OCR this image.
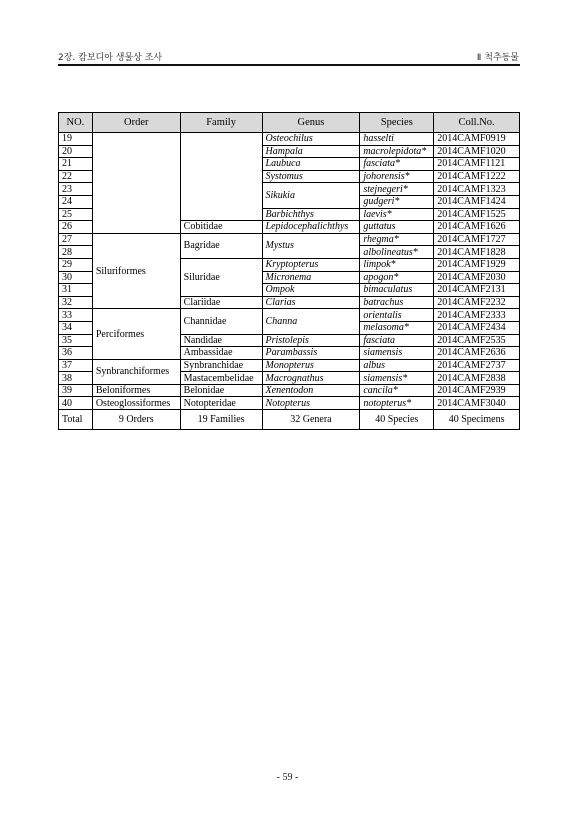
2장. 캄보디아 생물상 조사	Ⅱ 척추동물
NO.	Order	Family	Genus	Species	Coll.No.
19			Osteochilus	hasselti	2014CAMF0919
20			Hampala	macrolepidota*	2014CAMF1020
21			Laubuca	fasciata*	2014CAMF1121
22			Systomus	johorensis*	2014CAMF1222
23			Sikukia	stejnegeri*	2014CAMF1323
24				gudgeri*	2014CAMF1424
25			Barbichthys	laevis*	2014CAMF1525
26		Cobitidae	Lepidocephalichthys	guttatus	2014CAMF1626
27	Siluriformes	Bagridae	Mystus	rhegma*	2014CAMF1727
28				albolineatus*	2014CAMF1828
29		Siluridae	Kryptopterus	limpok*	2014CAMF1929
30			Micronema	apogon*	2014CAMF2030
31			Ompok	bimaculatus	2014CAMF2131
32		Clariidae	Clarias	batrachus	2014CAMF2232
33	Perciformes	Channidae	Channa	orientalis	2014CAMF2333
34				melasoma*	2014CAMF2434
35		Nandidae	Pristolepis	fasciata	2014CAMF2535
36		Ambassidae	Parambassis	siamensis	2014CAMF2636
37	Synbranchiformes	Synbranchidae	Monopterus	albus	2014CAMF2737
38		Mastacembelidae	Macrognathus	siamensis*	2014CAMF2838
39	Beloniformes	Belonidae	Xenentodon	cancila*	2014CAMF2939
40	Osteoglossiformes	Notopteridae	Notopterus	notopterus*	2014CAMF3040
Total	9 Orders	19 Families	32 Genera	40 Species	40 Specimens
- 59 -
